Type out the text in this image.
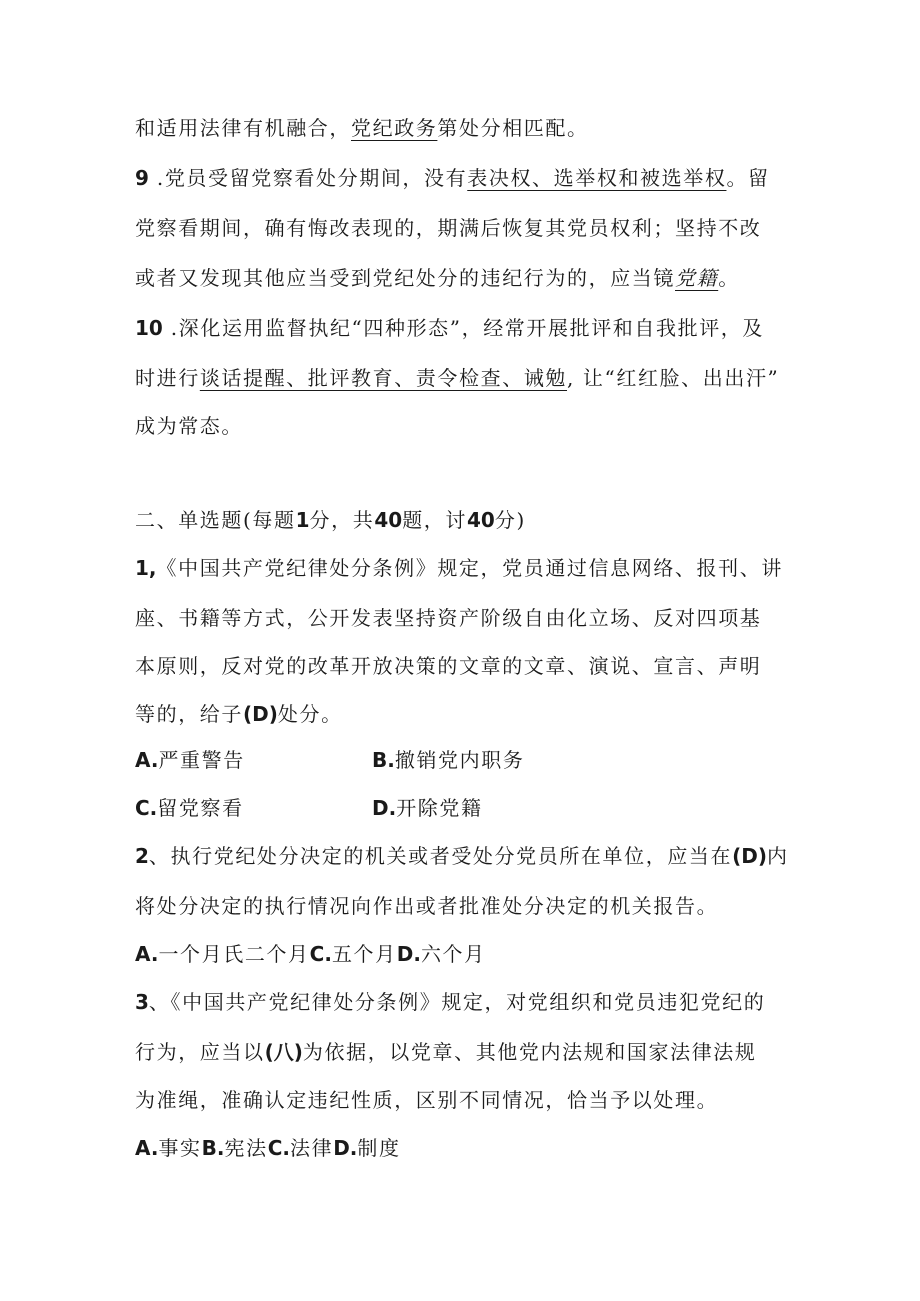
和适用法律有机融合，党纪政务第处分相匹配。
9 .党员受留党察看处分期间，没有表决权、选举权和被选举权。留
党察看期间，确有悔改表现的，期满后恢复其党员权利；坚持不改
或者又发现其他应当受到党纪处分的违纪行为的，应当镜党籍。
10 .深化运用监督执纪“四种形态”，经常开展批评和自我批评，及
时进行谈话提醒、批评教育、责令检查、诫勉, 让“红红脸、出出汗”
成为常态。
二、单选题(每题1分，共40题，讨40分)
1,《中国共产党纪律处分条例》规定，党员通过信息网络、报刊、讲
座、书籍等方式，公开发表坚持资产阶级自由化立场、反对四项基
本原则，反对党的改革开放决策的文章的文章、演说、宣言、声明
等的，给子(D)处分。
A.严重警告	B.撤销党内职务
C.留党察看	D.开除党籍
2、执行党纪处分决定的机关或者受处分党员所在单位，应当在(D)内
将处分决定的执行情况向作出或者批准处分决定的机关报告。
A.一个月氏二个月C.五个月D.六个月
3、《中国共产党纪律处分条例》规定，对党组织和党员违犯党纪的
行为，应当以(八)为依据，以党章、其他党内法规和国家法律法规
为准绳，准确认定违纪性质，区别不同情况，恰当予以处理。
A.事实B.宪法C.法律D.制度
